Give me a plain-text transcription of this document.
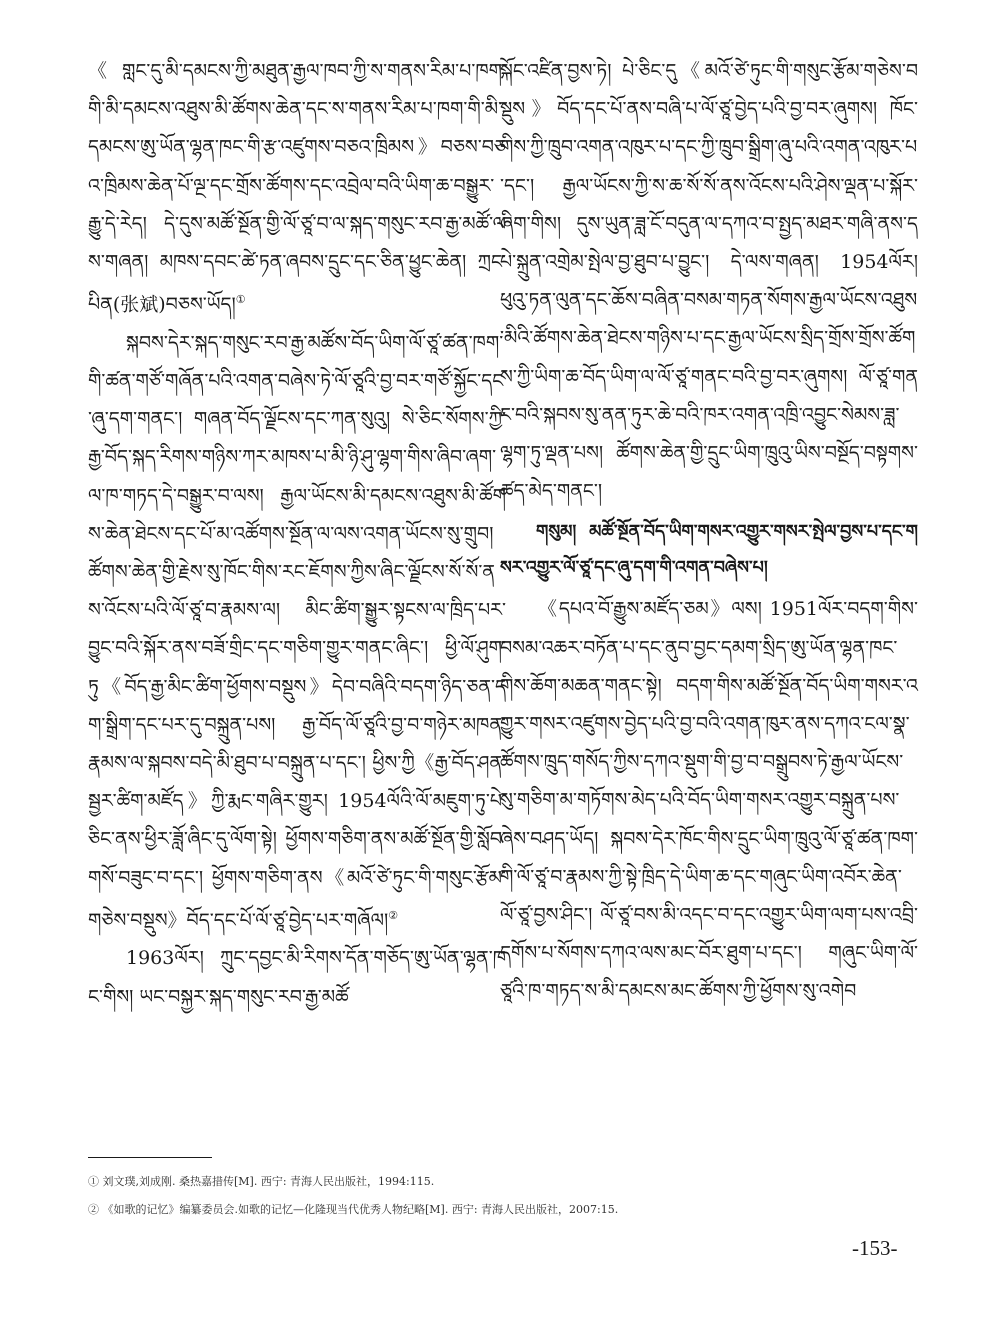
《གླང་དུ་མི་དམངས་ཀྱི་མཐུན་རྒྱལ་ཁབ་ཀྱི་ས་གནས་རིམ་པ་ཁག་གི་མི་དམངས་འཐུས་མི་ཚོགས་ཆེན་དང་ས་གནས་རིམ་པ་ཁག་གི་མི་དམངས་ཨུ་ཡོན་ལྷན་ཁང་གི་རྩ་འཛུགས་བཅའ་ཁྲིམས》བཅས་བཅའ་ཁྲིམས་ཆེན་པོ་ལྔ་དང་གྲོས་ཚོགས་དང་འབྲེལ་བའི་ཡིག་ཆ་བསྒྱུར་རྒྱུ་དེ་རེད། དེ་དུས་མཚོ་སྔོན་གྱི་ལོ་ཙཱ་བ་ལ་སྐད་གསུང་རབ་རྒྱ་མཚོ་ལས་གཞན། མཁས་དབང་ཚེ་ཏན་ཞབས་དྲུང་དང་ཅིན་ཕྱུང་ཆེན། ཀྲང་པིན(张斌)བཅས་ཡོད།①

སྐབས་དེར་སྐད་གསུང་རབ་རྒྱ་མཚོས་བོད་ཡིག་ལོ་ཙཱ་ཚན་ཁག་གི་ཚན་གཙོ་གཞོན་པའི་འགན་བཞེས་ཏེ་ལོ་ཙཱའི་བྱ་བར་གཙོ་སྐྱོང་དང་ཞུ་དག་གནང་། གཞན་བོད་ལྗོངས་དང་ཀན་སུའུ། སེ་ཅིང་སོགས་ཀྱི་རྒྱ་བོད་སྐད་རིགས་གཉིས་ཀར་མཁས་པ་མི་ཉི་ཤུ་ལྷག་གིས་ཞིབ་ཞག་ལ་ཁ་གཏད་དེ་བསྒྱུར་བ་ལས། རྒྱལ་ཡོངས་མི་དམངས་འཐུས་མི་ཚོགས་ཆེན་ཐེངས་དང་པོ་མ་འཚོགས་སྔོན་ལ་ལས་འགན་ཡོངས་སུ་གྲུབ། ཚོགས་ཆེན་གྱི་རྗེས་སུ་ཁོང་གིས་རང་ཇོགས་ཀྱིས་ཞིང་ལྗོངས་སོ་སོ་ནས་འོངས་པའི་ལོ་ཙཱ་བ་རྣམས་ལ། མིང་ཚིག་སྒྱུར་སྟངས་ལ་ཁྲིད་པར་བྱུང་བའི་སྐོར་ནས་བཟོ་གྲིང་དང་གཅིག་གྱུར་གནང་ཞིང་། ཕྱི་ལོ་ཤུག་ཏུ《བོད་རྒྱ་མིང་ཚིག་ཕྱོགས་བསྡུས》དེབ་བཞིའི་བདག་ཉིད་ཅན་དག་སྒྲིག་དང་པར་དུ་བསྐྲུན་པས། རྒྱ་བོད་ལོ་ཙཱའི་བྱ་བ་གཉེར་མཁན་རྣམས་ལ་སྐབས་བདེ་མི་ཐུབ་པ་བསྐྲུན་པ་དང་། ཕྱིས་ཀྱི《རྒྱ་བོད་ཤན་སྦྱར་ཚིག་མཛོད》ཀྱི་རྨང་གཞིར་གྱུར། 1954ལོའི་ལོ་མཇུག་ཏུ་པེ་ཅིང་ནས་ཕྱིར་ཟློ་ཞིང་དུ་ལོག་སྟེ། ཕྱོགས་གཅིག་ནས་མཚོ་སྔོན་གྱི་སློབ་གསོ་བཟུང་བ་དང་། ཕྱོགས་གཅིག་ནས《མའོ་ཙེ་ཏུང་གི་གསུང་རྩོམ་གཅེས་བསྡུས》བོད་དང་པོ་ལོ་ཙཱ་བྱེད་པར་གཞོལ།②

1963ལོར། ཀྲུང་དབྱང་མི་རིགས་དོན་གཅོད་ཨུ་ཡོན་ལྷན་ཁང་གིས། ཡང་བསྐྱར་སྐད་གསུང་རབ་རྒྱ་མཚོ

སྐོང་འཛིན་བྱས་ཏེ། པེ་ཅིང་དུ《མའོ་ཙེ་ཏུང་གི་གསུང་རྩོམ་གཅེས་བསྡུས》བོད་དང་པོ་ནས་བཞི་པ་ལོ་ཙཱ་བྱེད་པའི་བྱ་བར་ཞུགས། ཁོང་གིས་ཀྱི་ཁྲུབ་འགན་འཁུར་པ་དང་ཀྱི་ཁྲུབ་སྒྲིག་ཞུ་པའི་འགན་འཁུར་པ་དང་། རྒྱལ་ཡོངས་ཀྱི་ས་ཆ་སོ་སོ་ནས་འོངས་པའི་ཤེས་ལྡན་པ་སྐོར་ཞིག་གིས། དུས་ཡུན་ཟླ་ངོ་བདུན་ལ་དཀའ་བ་སྤྱད་མཐར་གཞི་ནས་དཔེ་སྐྲུན་འགྲེམ་སྤེལ་བྱ་ཐུབ་པ་བྱུང་། དེ་ལས་གཞན། 1954ལོར། ཕུའུ་ཏན་ལུན་དང་ཆོས་བཞིན་བསམ་གཏན་སོགས་རྒྱལ་ཡོངས་འཐུས་མིའི་ཚོགས་ཆེན་ཐེངས་གཉིས་པ་དང་རྒྱལ་ཡོངས་སྲིད་གྲོས་གྲོས་ཚོགས་ཀྱི་ཡིག་ཆ་བོད་ཡིག་ལ་ལོ་ཙཱ་གནང་བའི་བྱ་བར་ཞུགས། ལོ་ཙཱ་གནང་བའི་སྐབས་སུ་ནན་ཏུར་ཆེ་བའི་ཁར་འགན་འཁྲི་འབྱུང་སེམས་ཟླ་ལྷག་ཏུ་ལྡན་པས། ཚོགས་ཆེན་གྱི་དྲུང་ཡིག་ཁྲུའུ་ཡིས་བསྔོད་བསྟགས་ཚད་མེད་གནང་།

གསུམ། མཚོ་སྔོན་བོད་ཡིག་གསར་འགྱུར་གསར་སྤེལ་བྱས་པ་དང་གསར་འགྱུར་ལོ་ཙཱ་དང་ཞུ་དག་གི་འགན་བཞེས་པ།

《དཔའ་བོ་རྒྱུས་མཛོད་ཅམ》ལས། 1951ལོར་བདག་གིས་བསམ་འཆར་བཏོན་པ་དང་ནུབ་བྱང་དམག་སྲིད་ཨུ་ཡོན་ལྷན་ཁང་གིས་ཆོག་མཆན་གནང་སྟེ། བདག་གིས་མཚོ་སྔོན་བོད་ཡིག་གསར་འགྱུར་གསར་འཛུགས་བྱེད་པའི་བྱ་བའི་འགན་ཁུར་ནས་དཀའ་ངལ་སྣ་ཚོགས་ཁྲུད་གསོད་ཀྱིས་དཀའ་སྡུག་གི་བྱ་བ་བསྒྲུབས་ཏེ་རྒྱལ་ཡོངས་སུ་གཅིག་མ་གཏོགས་མེད་པའི་བོད་ཡིག་གསར་འགྱུར་བསྐྲུན་པས་ཞེས་བཤད་ཡོད། སྐབས་དེར་ཁོང་གིས་དྲུང་ཡིག་ཁྲུའུ་ལོ་ཙཱ་ཚན་ཁག་གི་ལོ་ཙཱ་བ་རྣམས་ཀྱི་སྟེ་ཁྲིད་དེ་ཡིག་ཆ་དང་གཞུང་ཡིག་འབོར་ཆེན་ལོ་ཙཱ་བྱས་ཤིང་། ལོ་ཙཱ་བས་མི་འདང་བ་དང་འགྱུར་ཡིག་ལག་པས་འབྲི་དགོས་པ་སོགས་དཀའ་ལས་མང་བོར་ཐུག་པ་དང་། གཞུང་ཡིག་ལོ་ཙཱའི་ཁ་གཏད་ས་མི་དམངས་མང་ཚོགས་ཀྱི་ཕྱོགས་སུ་འགེབ

① 刘文璞,刘成刚. 桑热嘉措传[M]. 西宁: 青海人民出版社，1994:115.
② 《如歌的记忆》编纂委员会.如歌的记忆—化隆现当代优秀人物纪略[M]. 西宁: 青海人民出版社，2007:15.
-153-
